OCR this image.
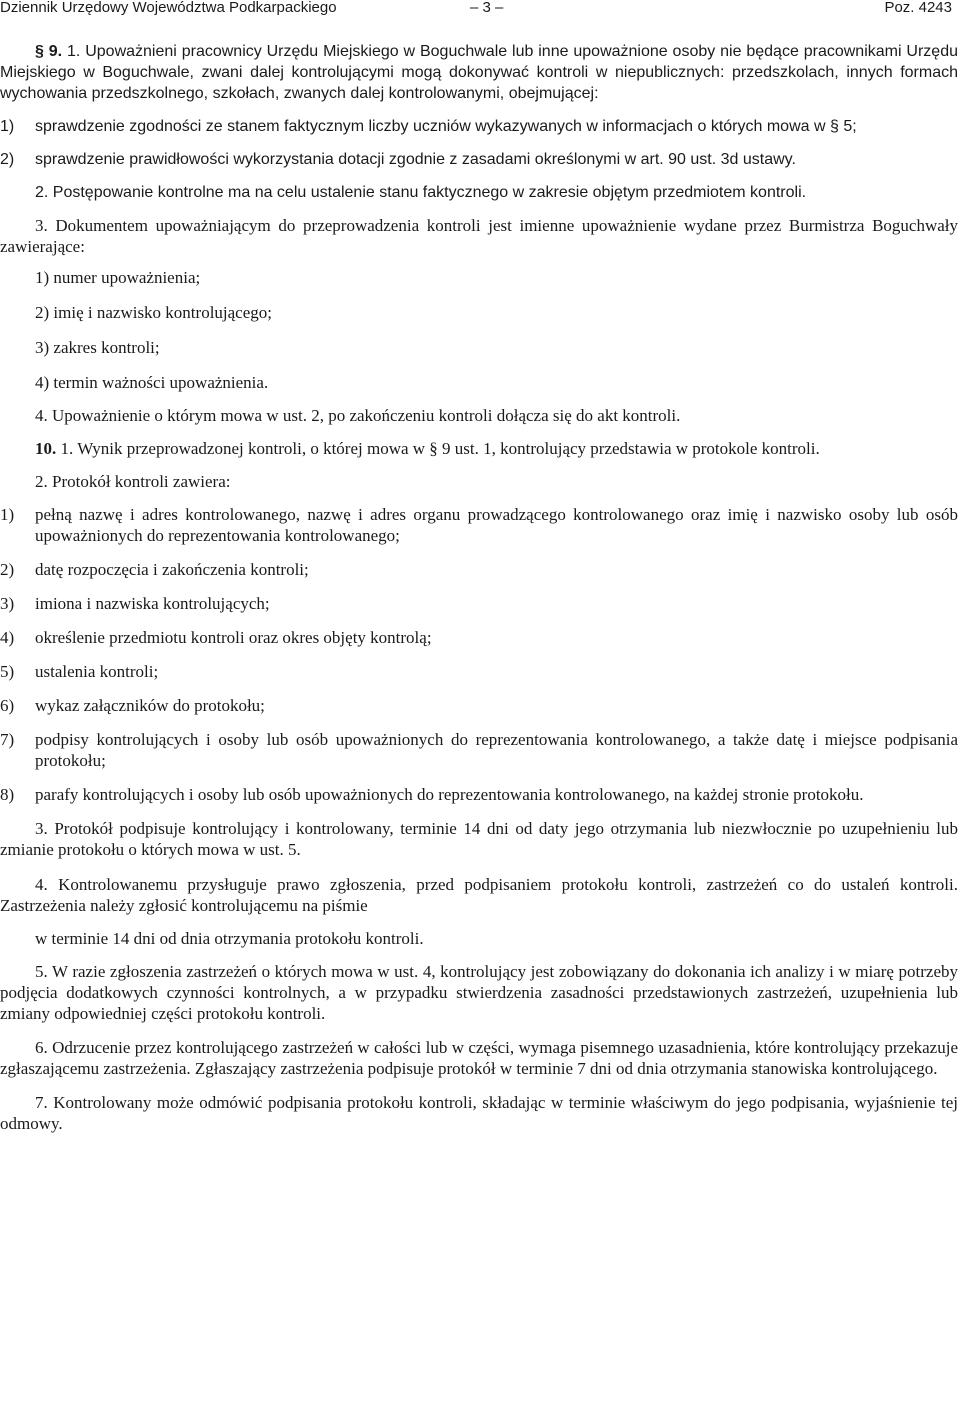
Dziennik Urzędowy Województwa Podkarpackiego	– 3 –	Poz. 4243

§ 9. 1. Upoważnieni pracownicy Urzędu Miejskiego w Boguchwale lub inne upoważnione osoby nie będące pracownikami Urzędu Miejskiego w Boguchwale, zwani dalej kontrolującymi mogą dokonywać kontroli w niepublicznych: przedszkolach, innych formach wychowania przedszkolnego, szkołach, zwanych dalej kontrolowanymi, obejmującej:

1) sprawdzenie zgodności ze stanem faktycznym liczby uczniów wykazywanych w informacjach o których mowa w § 5;
2) sprawdzenie prawidłowości wykorzystania dotacji zgodnie z zasadami określonymi w art. 90 ust. 3d ustawy.

2. Postępowanie kontrolne ma na celu ustalenie stanu faktycznego w zakresie objętym przedmiotem kontroli.

3. Dokumentem upoważniającym do przeprowadzenia kontroli jest imienne upoważnienie wydane przez Burmistrza Boguchwały zawierające:

1) numer upoważnienia;
2) imię i nazwisko kontrolującego;
3) zakres kontroli;
4) termin ważności upoważnienia.

4. Upoważnienie o którym mowa w ust. 2, po zakończeniu kontroli dołącza się do akt kontroli.

10. 1. Wynik przeprowadzonej kontroli, o której mowa w § 9 ust. 1, kontrolujący przedstawia w protokole kontroli.

2. Protokół kontroli zawiera:

1) pełną nazwę i adres kontrolowanego, nazwę i adres organu prowadzącego kontrolowanego oraz imię i nazwisko osoby lub osób upoważnionych do reprezentowania kontrolowanego;
2) datę rozpoczęcia i zakończenia kontroli;
3) imiona i nazwiska kontrolujących;
4) określenie przedmiotu kontroli oraz okres objęty kontrolą;
5) ustalenia kontroli;
6) wykaz załączników do protokołu;
7) podpisy kontrolujących i osoby lub osób upoważnionych do reprezentowania kontrolowanego, a także datę i miejsce podpisania protokołu;
8) parafy kontrolujących i osoby lub osób upoważnionych do reprezentowania kontrolowanego, na każdej stronie protokołu.

3. Protokół podpisuje kontrolujący i kontrolowany, terminie 14 dni od daty jego otrzymania lub niezwłocznie po uzupełnieniu lub zmianie protokołu o których mowa w ust. 5.

4. Kontrolowanemu przysługuje prawo zgłoszenia, przed podpisaniem protokołu kontroli, zastrzeżeń co do ustaleń kontroli. Zastrzeżenia należy zgłosić kontrolującemu na piśmie

w terminie 14 dni od dnia otrzymania protokołu kontroli.

5. W razie zgłoszenia zastrzeżeń o których mowa w ust. 4, kontrolujący jest zobowiązany do dokonania ich analizy i w miarę potrzeby podjęcia dodatkowych czynności kontrolnych, a w przypadku stwierdzenia zasadności przedstawionych zastrzeżeń, uzupełnienia lub zmiany odpowiedniej części protokołu kontroli.

6. Odrzucenie przez kontrolującego zastrzeżeń w całości lub w części, wymaga pisemnego uzasadnienia, które kontrolujący przekazuje zgłaszającemu zastrzeżenia. Zgłaszający zastrzeżenia podpisuje protokół w terminie 7 dni od dnia otrzymania stanowiska kontrolującego.

7. Kontrolowany może odmówić podpisania protokołu kontroli, składając w terminie właściwym do jego podpisania, wyjaśnienie tej odmowy.
